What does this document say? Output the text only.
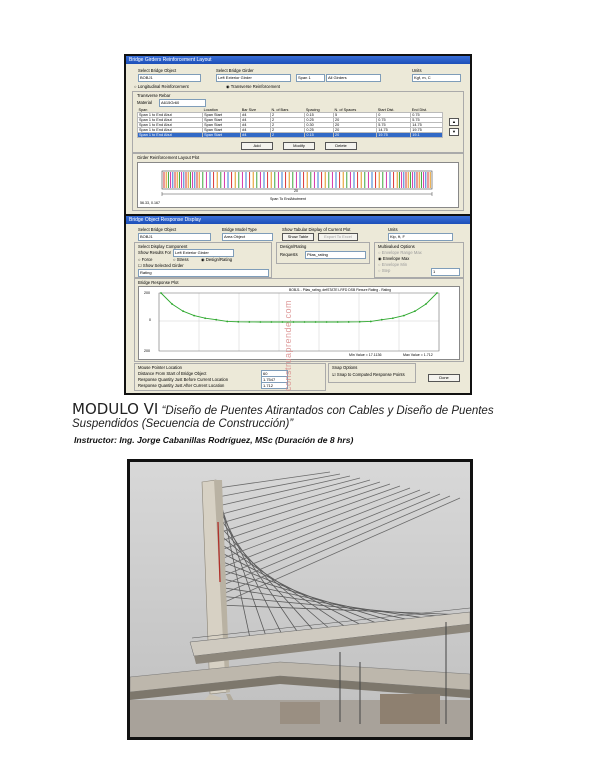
Bridge Girders Reinforcement Layout
Select Bridge Object
BOBJ1
Select Bridge Girder
Left Exterior Girder	Span 1	All Girders
Units
Kgf, m, C
○ Longitudinal Reinforcement	◉ Transverse Reinforcement
Transverse Rebar
Material	A615Gr60
Span	Location	Bar Size	N. of Bars	Spacing	N. of Spaces	Start Dist.	End Dist.
Span 1 to End Abut	Span Start	#4	2	0.15	5	0	0.75
Span 1 to End Abut	Span Start	#4	2	0.25	20	0.75	5.75
Span 1 to End Abut	Span Start	#4	2	0.30	20	5.75	14.75
Span 1 to End Abut	Span Start	#4	2	0.25	20	14.75	19.75
Span 1 to End Abut	Span Start	#4	2	0.15	20	19.75	19.1
▲
▼
Add	Modify	Delete
Girder Reinforcement Layout Plot
20
Span To EndAbutment
56.33, 0.167
Bridge Object Response Display
Select Bridge Object
BOBJ1
Bridge Model Type
Area Object
Show Tabular Display of Current Plot
Show Table	Export To Excel
Units
Kip, ft, F
Select Display Component
Show Results For Left Exterior Girder
○ Force	○ Stress	◉ Design/Rating
☐ Show Selected Girder
Rating
Design/Rating
Requests	Pilas_rating
Multivalued Options
○ Envelope Range Max
◉ Envelope Max
○ Envelope Min
○ Step	1
Bridge Response Plot
BOBJ1 - Pilas_rating, defSTATE LRFD DSB Flexure Rating - Rating
200
0
200
Min Value = 17.1136	Max Value = 1.712
Mouse Pointer Location
Distance From Start of Bridge Object	60
Response Quantity Just Before Current Location	1.7547
Response Quantity Just After Current Location	1.712
Snap Options
☑ Snap to Computed Response Points
Done
MODULO VI “Diseño de Puentes Atirantados con Cables y Diseño de Puentes Suspendidos (Secuencia de Construcción)”
Instructor: Ing. Jorge Cabanillas Rodríguez, MSc (Duración de 8 hrs)
construaprende.com
